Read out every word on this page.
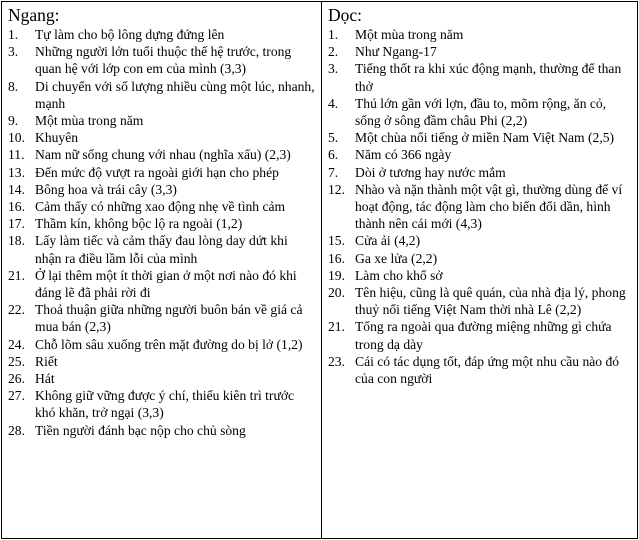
Ngang:
1.	Tự làm cho bộ lông dựng đứng lên
3.	Những người lớn tuổi thuộc thế hệ trước, trong quan hệ với lớp con em của mình (3,3)
8.	Di chuyển với số lượng nhiều cùng một lúc, nhanh, mạnh
9.	Một mùa trong năm
10. Khuyên
11. Nam nữ sống chung với nhau (nghĩa xấu) (2,3)
13. Đến mức độ vượt ra ngoài giới hạn cho phép
14. Bông hoa và trái cây (3,3)
16. Cảm thấy có những xao động nhẹ về tình cảm
17. Thầm kín, không bộc lộ ra ngoài (1,2)
18. Lấy làm tiếc và cảm thấy đau lòng day dứt khi nhận ra điều lầm lỗi của mình
21. Ở lại thêm một ít thời gian ở một nơi nào đó khi đáng lẽ đã phải rời đi
22. Thoả thuận giữa những người buôn bán về giá cả mua bán (2,3)
24. Chỗ lõm sâu xuống trên mặt đường do bị lở (1,2)
25. Riết
26. Hát
27. Không giữ vững được ý chí, thiếu kiên trì trước khó khăn, trở ngại (3,3)
28. Tiền người đánh bạc nộp cho chủ sòng
Dọc:
1.	Một mùa trong năm
2.	Như Ngang-17
3.	Tiếng thốt ra khi xúc động mạnh, thường để than thở
4.	Thú lớn gần với lợn, đầu to, mõm rộng, ăn cỏ, sống ở sông đầm châu Phi (2,2)
5.	Một chùa nổi tiếng ở miền Nam Việt Nam (2,5)
6.	Năm có 366 ngày
7.	Dòi ở tương hay nước mắm
12. Nhào và nặn thành một vật gì, thường dùng để ví hoạt động, tác động làm cho biến đổi dần, hình thành nên cái mới (4,3)
15. Cửa ải (4,2)
16. Ga xe lửa (2,2)
19. Làm cho khổ sở
20. Tên hiệu, cũng là quê quán, của nhà địa lý, phong thuỷ nổi tiếng Việt Nam thời nhà Lê (2,2)
21. Tống ra ngoài qua đường miệng những gì chứa trong dạ dày
23. Cái có tác dụng tốt, đáp ứng một nhu cầu nào đó của con người
